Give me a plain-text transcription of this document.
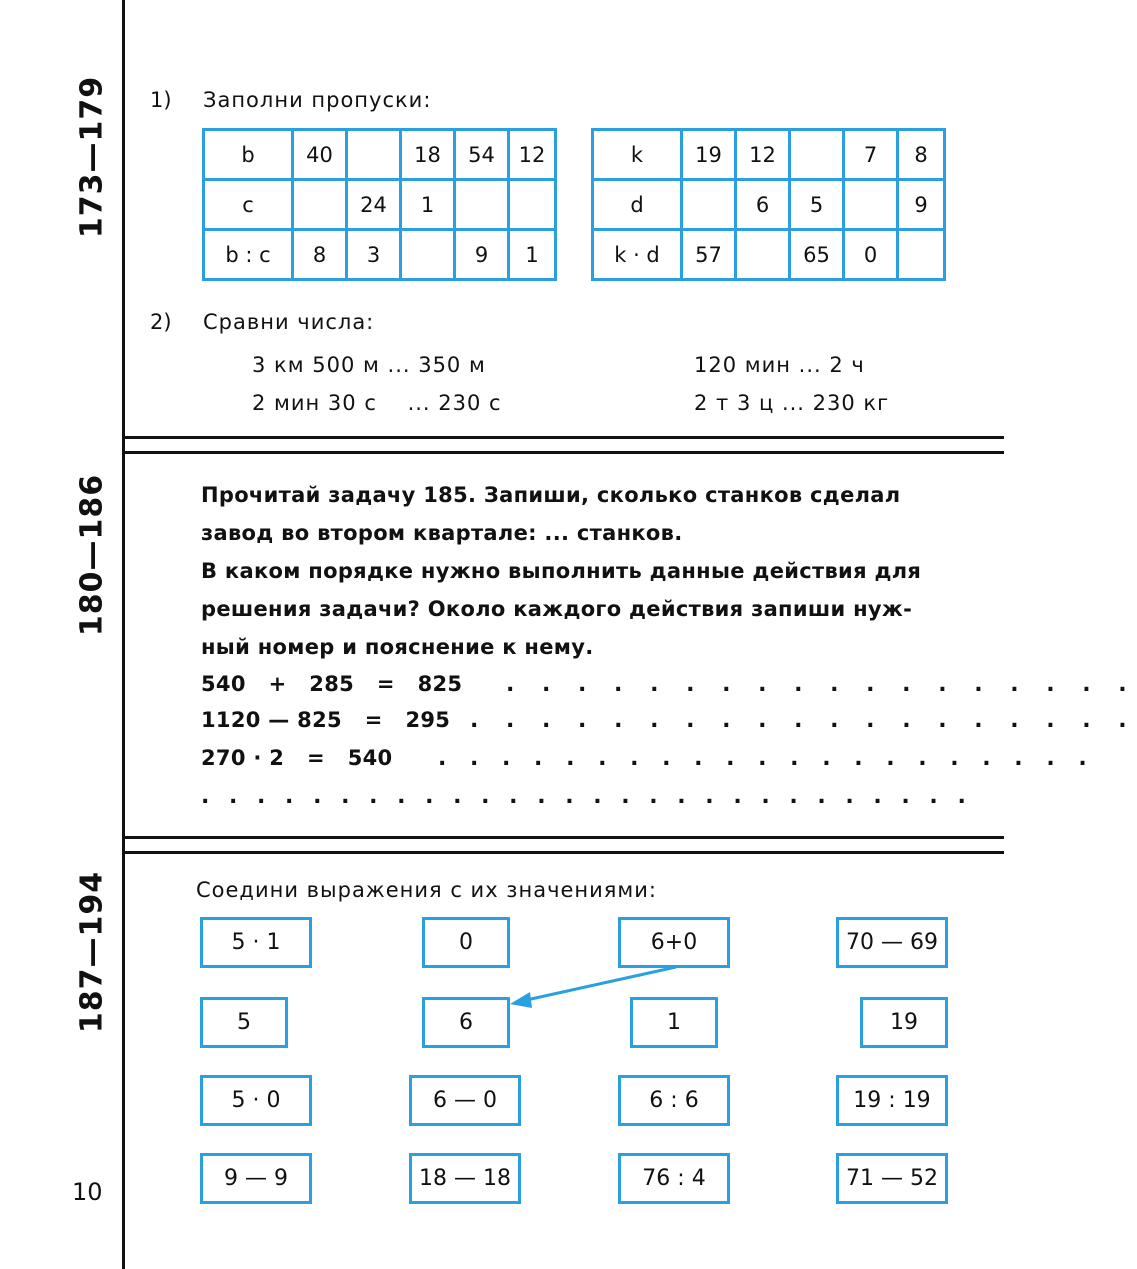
173—179 1) Заполни пропуски:
b	40		18	54	12
c		24	1		
b : c	8	3		9	1
k	19	12		7	8
d		6	5		9
k · d	57		65	0	
2) Сравни числа:
3 км 500 м ... 350 м
2 мин 30 с    ... 230 с
120 мин ... 2 ч
2 т 3 ц ... 230 кг
180—186	Прочитай задачу 185. Запиши, сколько станков сделал
завод во втором квартале: ... станков.
В каком порядке нужно выполнить данные действия для
решения задачи? Около каждого действия запиши нуж-
ный номер и пояснение к нему.
540   +   285   =   825
1120 — 825   =   295
270 · 2   =   540
. . . . . . . . . . . . . . . . . .
. . . . . . . . . . . . . . . . . . .
. . . . . . . . . . . . . . . . . . . . .
. . . . . . . . . . . . . . . . . . . . . . . . . . . .
187—194	Соедини выражения с их значениями:
5 · 1	0	6+0	70 — 69
5	6	1	19
5 · 0	6 — 0	6 : 6	19 : 19
9 — 9	18 — 18	76 : 4	71 — 52
10
